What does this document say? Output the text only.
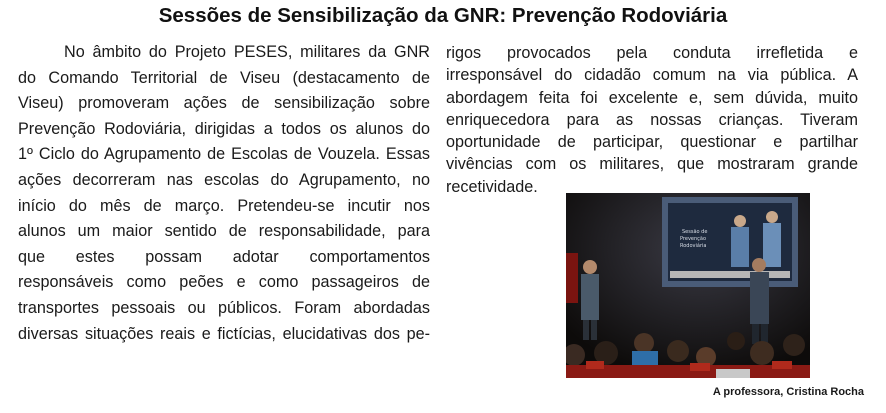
Sessões de Sensibilização da GNR: Prevenção Rodoviária
No âmbito do Projeto PESES, militares da GNR
do Comando Territorial de Viseu (destacamento de
Viseu) promoveram ações de sensibilização sobre
Prevenção Rodoviária, dirigidas a todos os alunos do
1º Ciclo do Agrupamento de Escolas de Vouzela. Essas
ações decorreram nas escolas do Agrupamento, no
início do mês de março. Pretendeu-se incutir nos
alunos um maior sentido de responsabilidade, para
que estes possam adotar comportamentos
responsáveis como peões e como passageiros de
transportes pessoais ou públicos. Foram abordadas
diversas situações reais e fictícias, elucidativas dos pe-
rigos provocados pela conduta irrefletida e
irresponsável do cidadão comum na via pública. A
abordagem feita foi excelente e, sem dúvida, muito
enriquecedora para as nossas crianças. Tiveram
oportunidade de participar, questionar e partilhar
vivências com os militares, que mostraram grande
recetividade.
Sessão de
Prevenção
Rodoviária
A professora, Cristina Rocha
